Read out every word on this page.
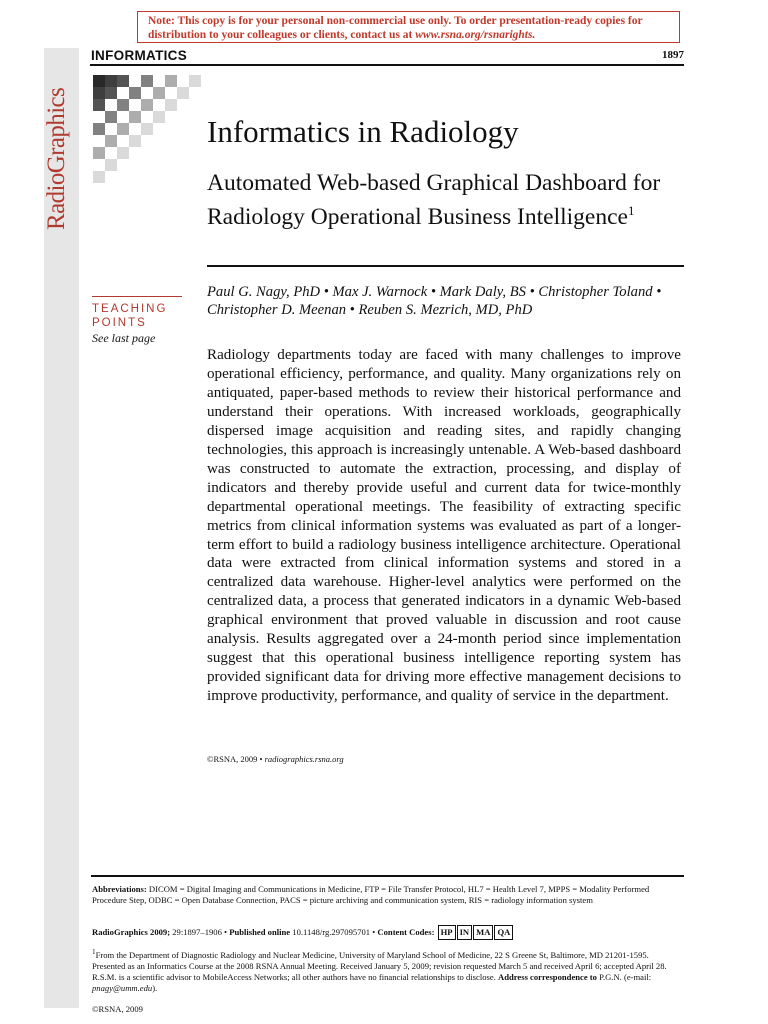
Note: This copy is for your personal non-commercial use only. To order presentation-ready copies for distribution to your colleagues or clients, contact us at www.rsna.org/rsnarights.
RadioGraphics
INFORMATICS	1897
Informatics in Radiology
Automated Web-based Graphical Dashboard for Radiology Operational Business Intelligence$^1$
TEACHING POINTS
See last page
Paul G. Nagy, PhD • Max J. Warnock • Mark Daly, BS • Christopher Toland • Christopher D. Meenan • Reuben S. Mezrich, MD, PhD
Radiology departments today are faced with many challenges to improve operational efficiency, performance, and quality. Many organizations rely on antiquated, paper-based methods to review their historical performance and understand their operations. With increased workloads, geographically dispersed image acquisition and reading sites, and rapidly changing technologies, this approach is increasingly untenable. A Web-based dashboard was constructed to automate the extraction, processing, and display of indicators and thereby provide useful and current data for twice-monthly departmental operational meetings. The feasibility of extracting specific metrics from clinical information systems was evaluated as part of a longer-term effort to build a radiology business intelligence architecture. Operational data were extracted from clinical information systems and stored in a centralized data warehouse. Higher-level analytics were performed on the centralized data, a process that generated indicators in a dynamic Web-based graphical environment that proved valuable in discussion and root cause analysis. Results aggregated over a 24-month period since implementation suggest that this operational business intelligence reporting system has provided significant data for driving more effective management decisions to improve productivity, performance, and quality of service in the department.
©RSNA, 2009 • radiographics.rsna.org
Abbreviations: DICOM = Digital Imaging and Communications in Medicine, FTP = File Transfer Protocol, HL7 = Health Level 7, MPPS = Modality Performed Procedure Step, ODBC = Open Database Connection, PACS = picture archiving and communication system, RIS = radiology information system
RadioGraphics 2009; 29:1897–1906 • Published online 10.1148/rg.297095701 • Content Codes: HP IN MA QA
$^1$From the Department of Diagnostic Radiology and Nuclear Medicine, University of Maryland School of Medicine, 22 S Greene St, Baltimore, MD 21201-1595. Presented as an Informatics Course at the 2008 RSNA Annual Meeting. Received January 5, 2009; revision requested March 5 and received April 6; accepted April 28. R.S.M. is a scientific advisor to MobileAccess Networks; all other authors have no financial relationships to disclose. Address correspondence to P.G.N. (e-mail: pnagy@umm.edu).
©RSNA, 2009
